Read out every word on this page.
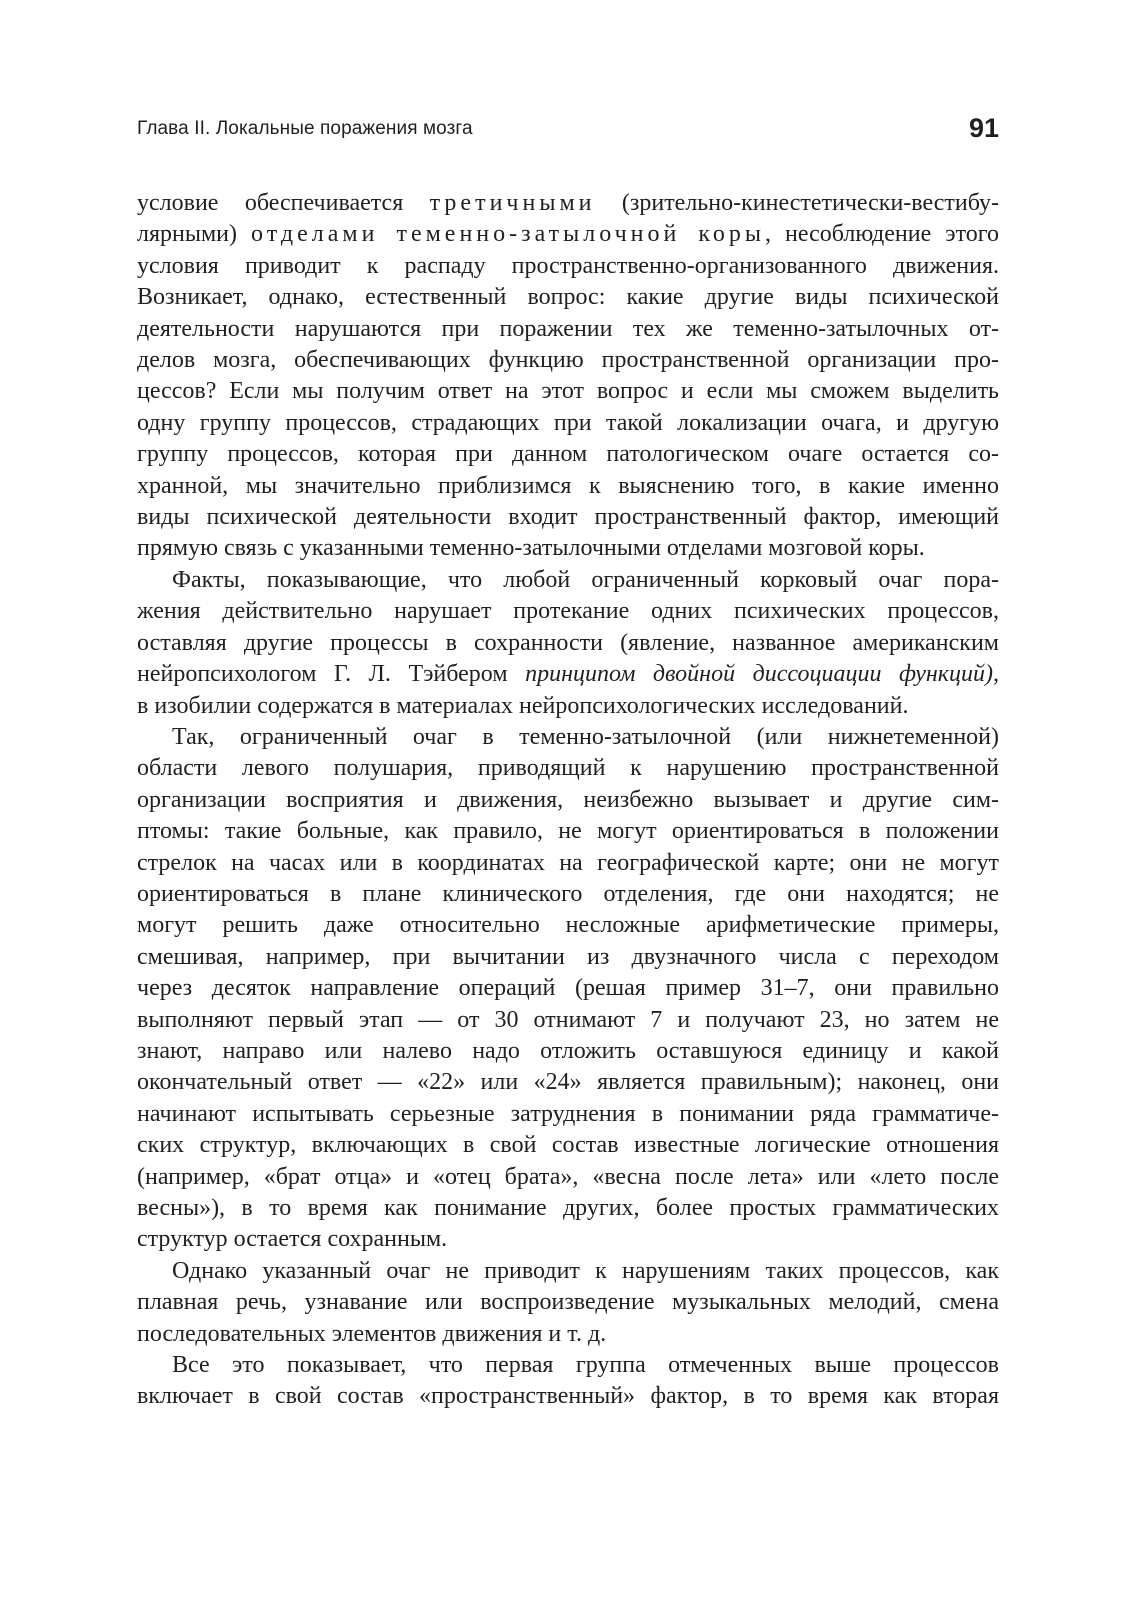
Глава II. Локальные поражения мозга	91
условие обеспечивается третичными (зрительно-кинестетически-вестибу-
лярными) отделами теменно-затылочной коры, несоблюдение этого
условия приводит к распаду пространственно-организованного движения.
Возникает, однако, естественный вопрос: какие другие виды психической
деятельности нарушаются при поражении тех же теменно-затылочных от-
делов мозга, обеспечивающих функцию пространственной организации про-
цессов? Если мы получим ответ на этот вопрос и если мы сможем выделить
одну группу процессов, страдающих при такой локализации очага, и другую
группу процессов, которая при данном патологическом очаге остается со-
хранной, мы значительно приблизимся к выяснению того, в какие именно
виды психической деятельности входит пространственный фактор, имеющий
прямую связь с указанными теменно-затылочными отделами мозговой коры.
Факты, показывающие, что любой ограниченный корковый очаг пора-
жения действительно нарушает протекание одних психических процессов,
оставляя другие процессы в сохранности (явление, названное американским
нейропсихологом Г. Л. Тэйбером принципом двойной диссоциации функций),
в изобилии содержатся в материалах нейропсихологических исследований.
Так, ограниченный очаг в теменно-затылочной (или нижнетеменной)
области левого полушария, приводящий к нарушению пространственной
организации восприятия и движения, неизбежно вызывает и другие сим-
птомы: такие больные, как правило, не могут ориентироваться в положении
стрелок на часах или в координатах на географической карте; они не могут
ориентироваться в плане клинического отделения, где они находятся; не
могут решить даже относительно несложные арифметические примеры,
смешивая, например, при вычитании из двузначного числа с переходом
через десяток направление операций (решая пример 31–7, они правильно
выполняют первый этап — от 30 отнимают 7 и получают 23, но затем не
знают, направо или налево надо отложить оставшуюся единицу и какой
окончательный ответ — «22» или «24» является правильным); наконец, они
начинают испытывать серьезные затруднения в понимании ряда грамматиче-
ских структур, включающих в свой состав известные логические отношения
(например, «брат отца» и «отец брата», «весна после лета» или «лето после
весны»), в то время как понимание других, более простых грамматических
структур остается сохранным.
Однако указанный очаг не приводит к нарушениям таких процессов, как
плавная речь, узнавание или воспроизведение музыкальных мелодий, смена
последовательных элементов движения и т. д.
Все это показывает, что первая группа отмеченных выше процессов
включает в свой состав «пространственный» фактор, в то время как вторая
